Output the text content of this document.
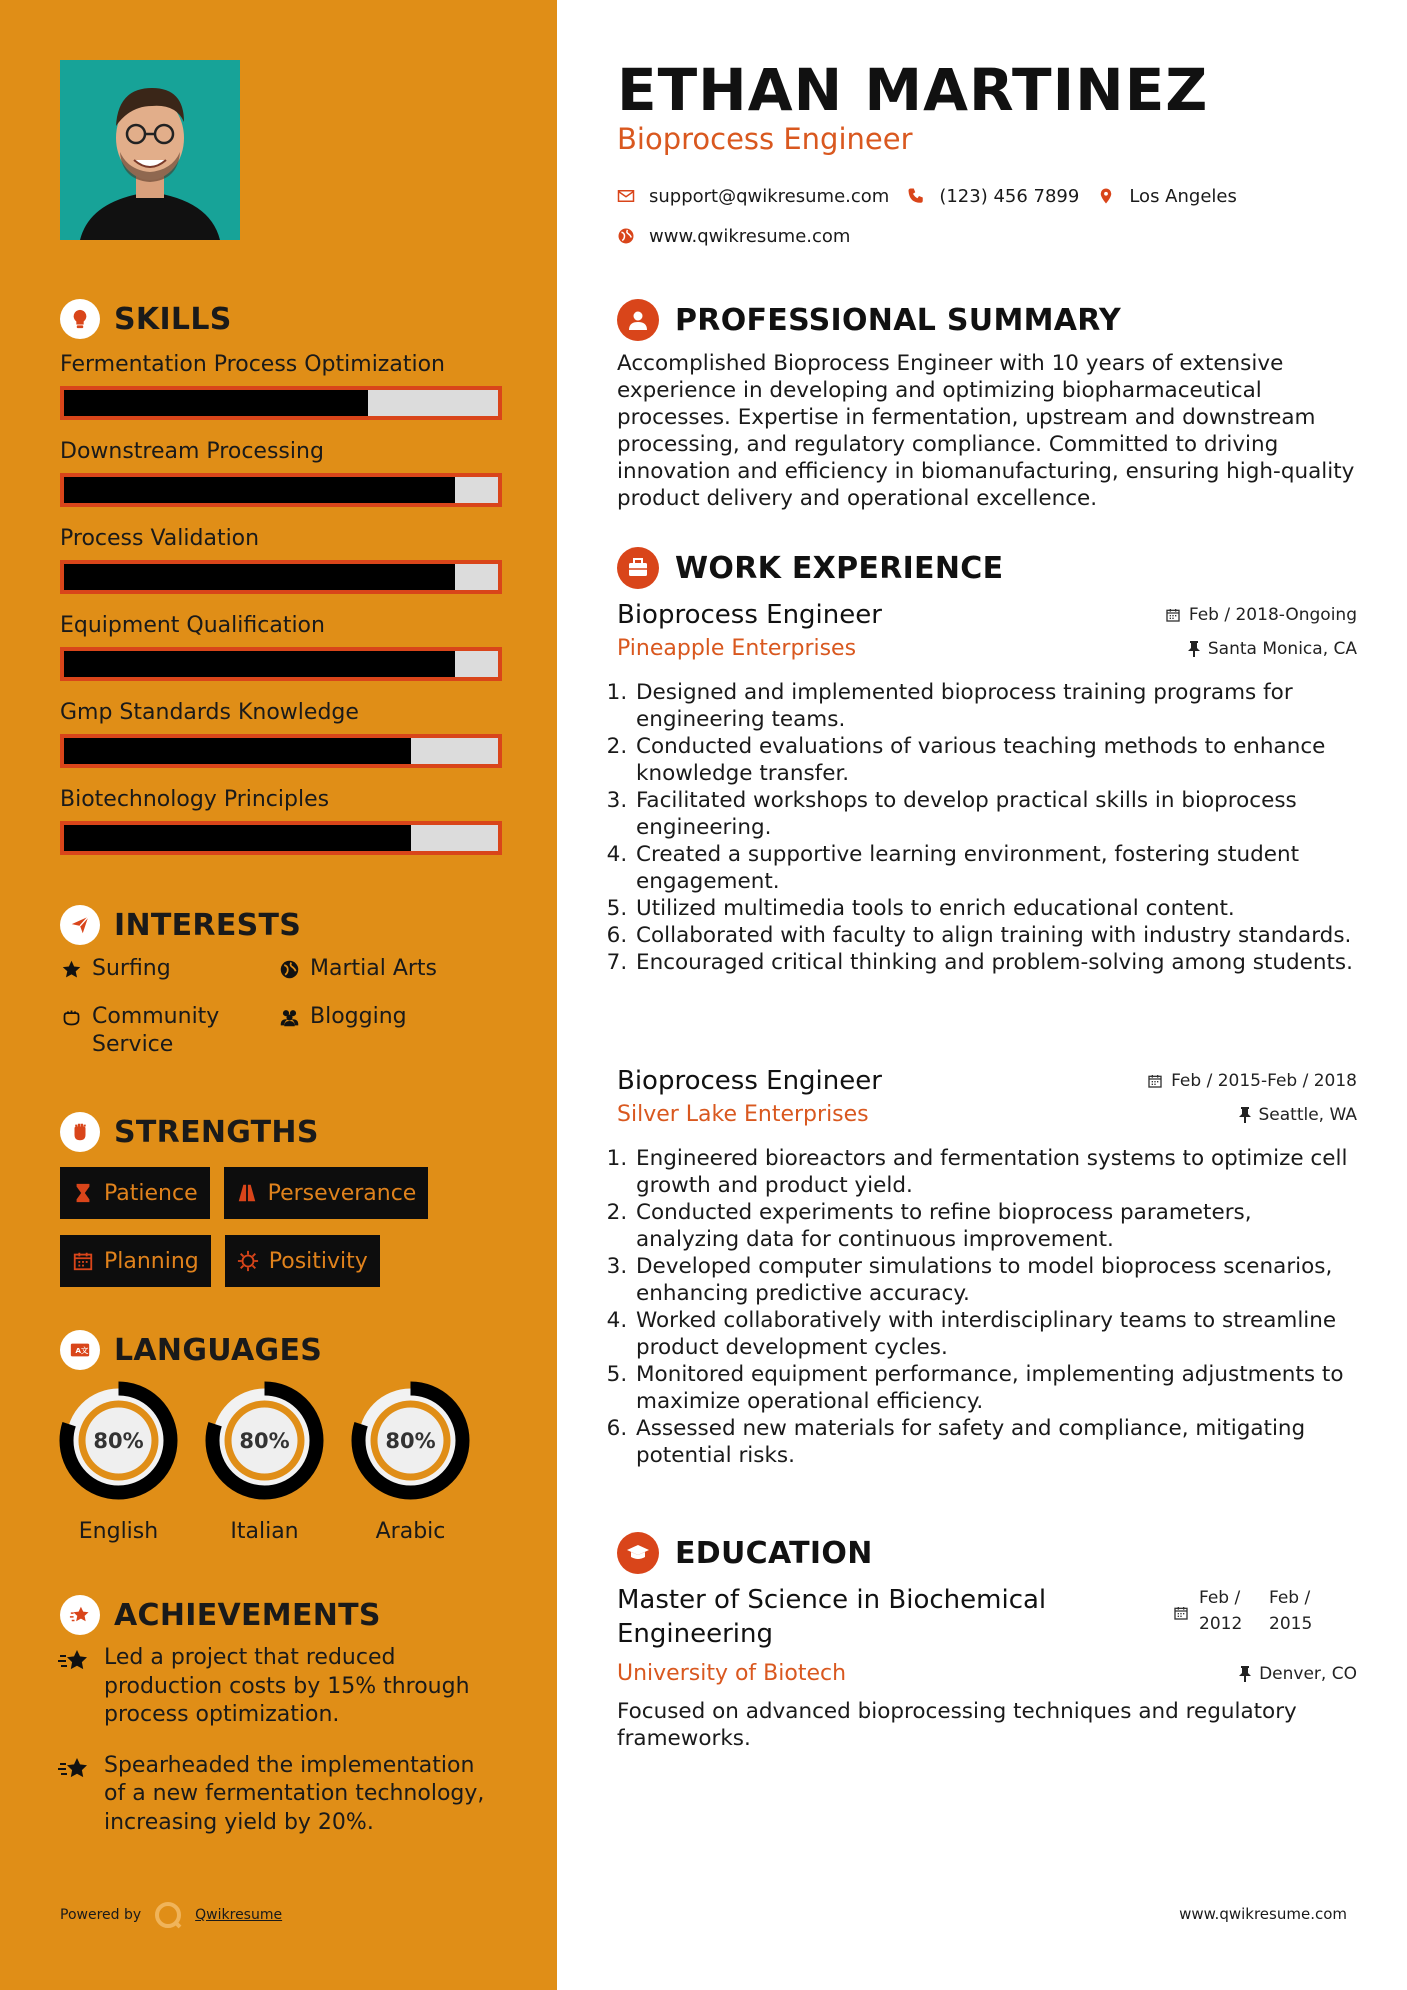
SKILLS
Fermentation Process Optimization
Downstream Processing
Process Validation
Equipment Qualification
Gmp Standards Knowledge
Biotechnology Principles
INTERESTS
Surfing	Martial Arts
Community Service
Blogging
STRENGTHS
Patience	Perseverance
Planning	Positivity
A 文 LANGUAGES
80%
English
80%
Italian
80%
Arabic
ACHIEVEMENTS
Led a project that reduced production costs by 15% through process optimization.
Spearheaded the implementation of a new fermentation technology, increasing yield by 20%.
Powered by	Qwikresume
ETHAN MARTINEZ
Bioprocess Engineer
support@qwikresume.com	(123) 456 7899	Los Angeles
www.qwikresume.com
PROFESSIONAL SUMMARY

Accomplished Bioprocess Engineer with 10 years of extensive experience in developing and optimizing biopharmaceutical processes. Expertise in fermentation, upstream and downstream processing, and regulatory compliance. Committed to driving innovation and efficiency in biomanufacturing, ensuring high-quality product delivery and operational excellence.

WORK EXPERIENCE
Bioprocess Engineer	Feb / 2018-Ongoing
Pineapple Enterprises	Santa Monica, CA
1. Designed and implemented bioprocess training programs for engineering teams.
2. Conducted evaluations of various teaching methods to enhance knowledge transfer.
3. Facilitated workshops to develop practical skills in bioprocess engineering.
4. Created a supportive learning environment, fostering student engagement.
5. Utilized multimedia tools to enrich educational content.
6. Collaborated with faculty to align training with industry standards.
7. Encouraged critical thinking and problem-solving among students.
Bioprocess Engineer	Feb / 2015-Feb / 2018
Silver Lake Enterprises	Seattle, WA
1. Engineered bioreactors and fermentation systems to optimize cell growth and product yield.
2. Conducted experiments to refine bioprocess parameters, analyzing data for continuous improvement.
3. Developed computer simulations to model bioprocess scenarios, enhancing predictive accuracy.
4. Worked collaboratively with interdisciplinary teams to streamline product development cycles.
5. Monitored equipment performance, implementing adjustments to maximize operational efficiency.
6. Assessed new materials for safety and compliance, mitigating potential risks.
EDUCATION
Master of Science in Biochemical Engineering
Feb / 2012
Feb / 2015
University of Biotech	Denver, CO

Focused on advanced bioprocessing techniques and regulatory frameworks.

www.qwikresume.com
